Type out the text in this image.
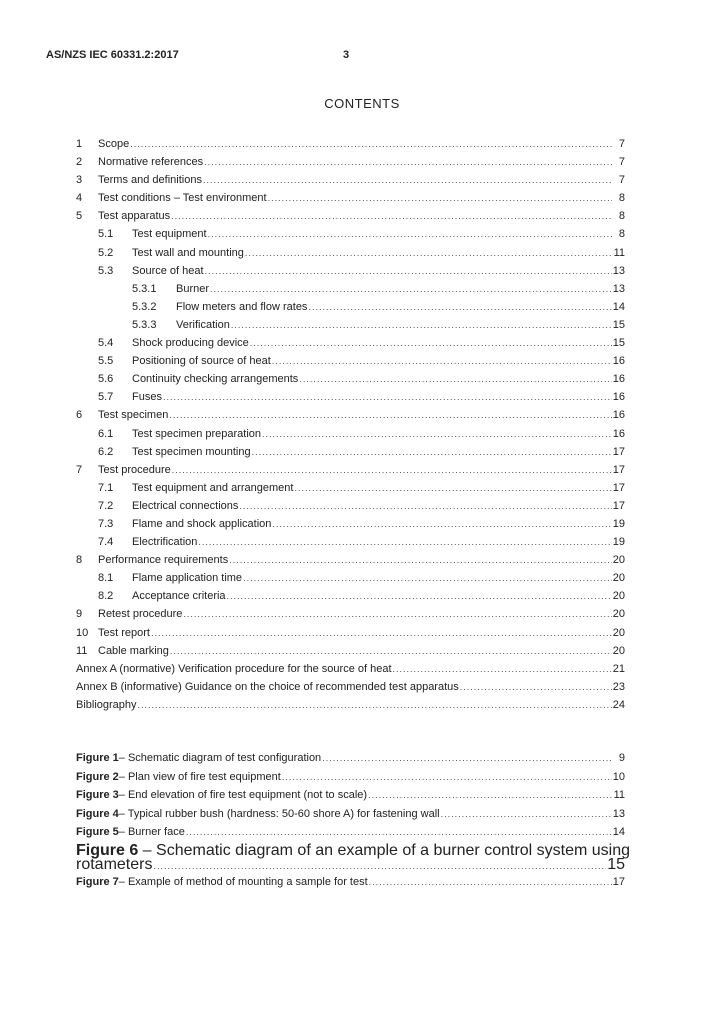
AS/NZS IEC 60331.2:2017	3
CONTENTS
1	Scope .....	7
2	Normative references .....	7
3	Terms and definitions .....	7
4	Test conditions – Test environment .....	8
5	Test apparatus .....	8
5.1	Test equipment .....	8
5.2	Test wall and mounting .....	11
5.3	Source of heat .....	13
5.3.1	Burner .....	13
5.3.2	Flow meters and flow rates .....	14
5.3.3	Verification .....	15
5.4	Shock producing device .....	15
5.5	Positioning of source of heat .....	16
5.6	Continuity checking arrangements .....	16
5.7	Fuses .....	16
6	Test specimen .....	16
6.1	Test specimen preparation .....	16
6.2	Test specimen mounting .....	17
7	Test procedure .....	17
7.1	Test equipment and arrangement .....	17
7.2	Electrical connections .....	17
7.3	Flame and shock application .....	19
7.4	Electrification .....	19
8	Performance requirements .....	20
8.1	Flame application time .....	20
8.2	Acceptance criteria .....	20
9	Retest procedure .....	20
10 Test report .....	20
11 Cable marking .....	20
Annex A (normative) Verification procedure for the source of heat .....	21
Annex B (informative) Guidance on the choice of recommended test apparatus .....	23
Bibliography .....	24
Figure 1 – Schematic diagram of test configuration .....	9
Figure 2 – Plan view of fire test equipment .....	10
Figure 3 – End elevation of fire test equipment (not to scale) .....	11
Figure 4 – Typical rubber bush (hardness: 50-60 shore A) for fastening wall .....	13
Figure 5 – Burner face .....	14
Figure 6 – Schematic diagram of an example of a burner control system using
rotameters .....	15
Figure 7 – Example of method of mounting a sample for test .....	17
